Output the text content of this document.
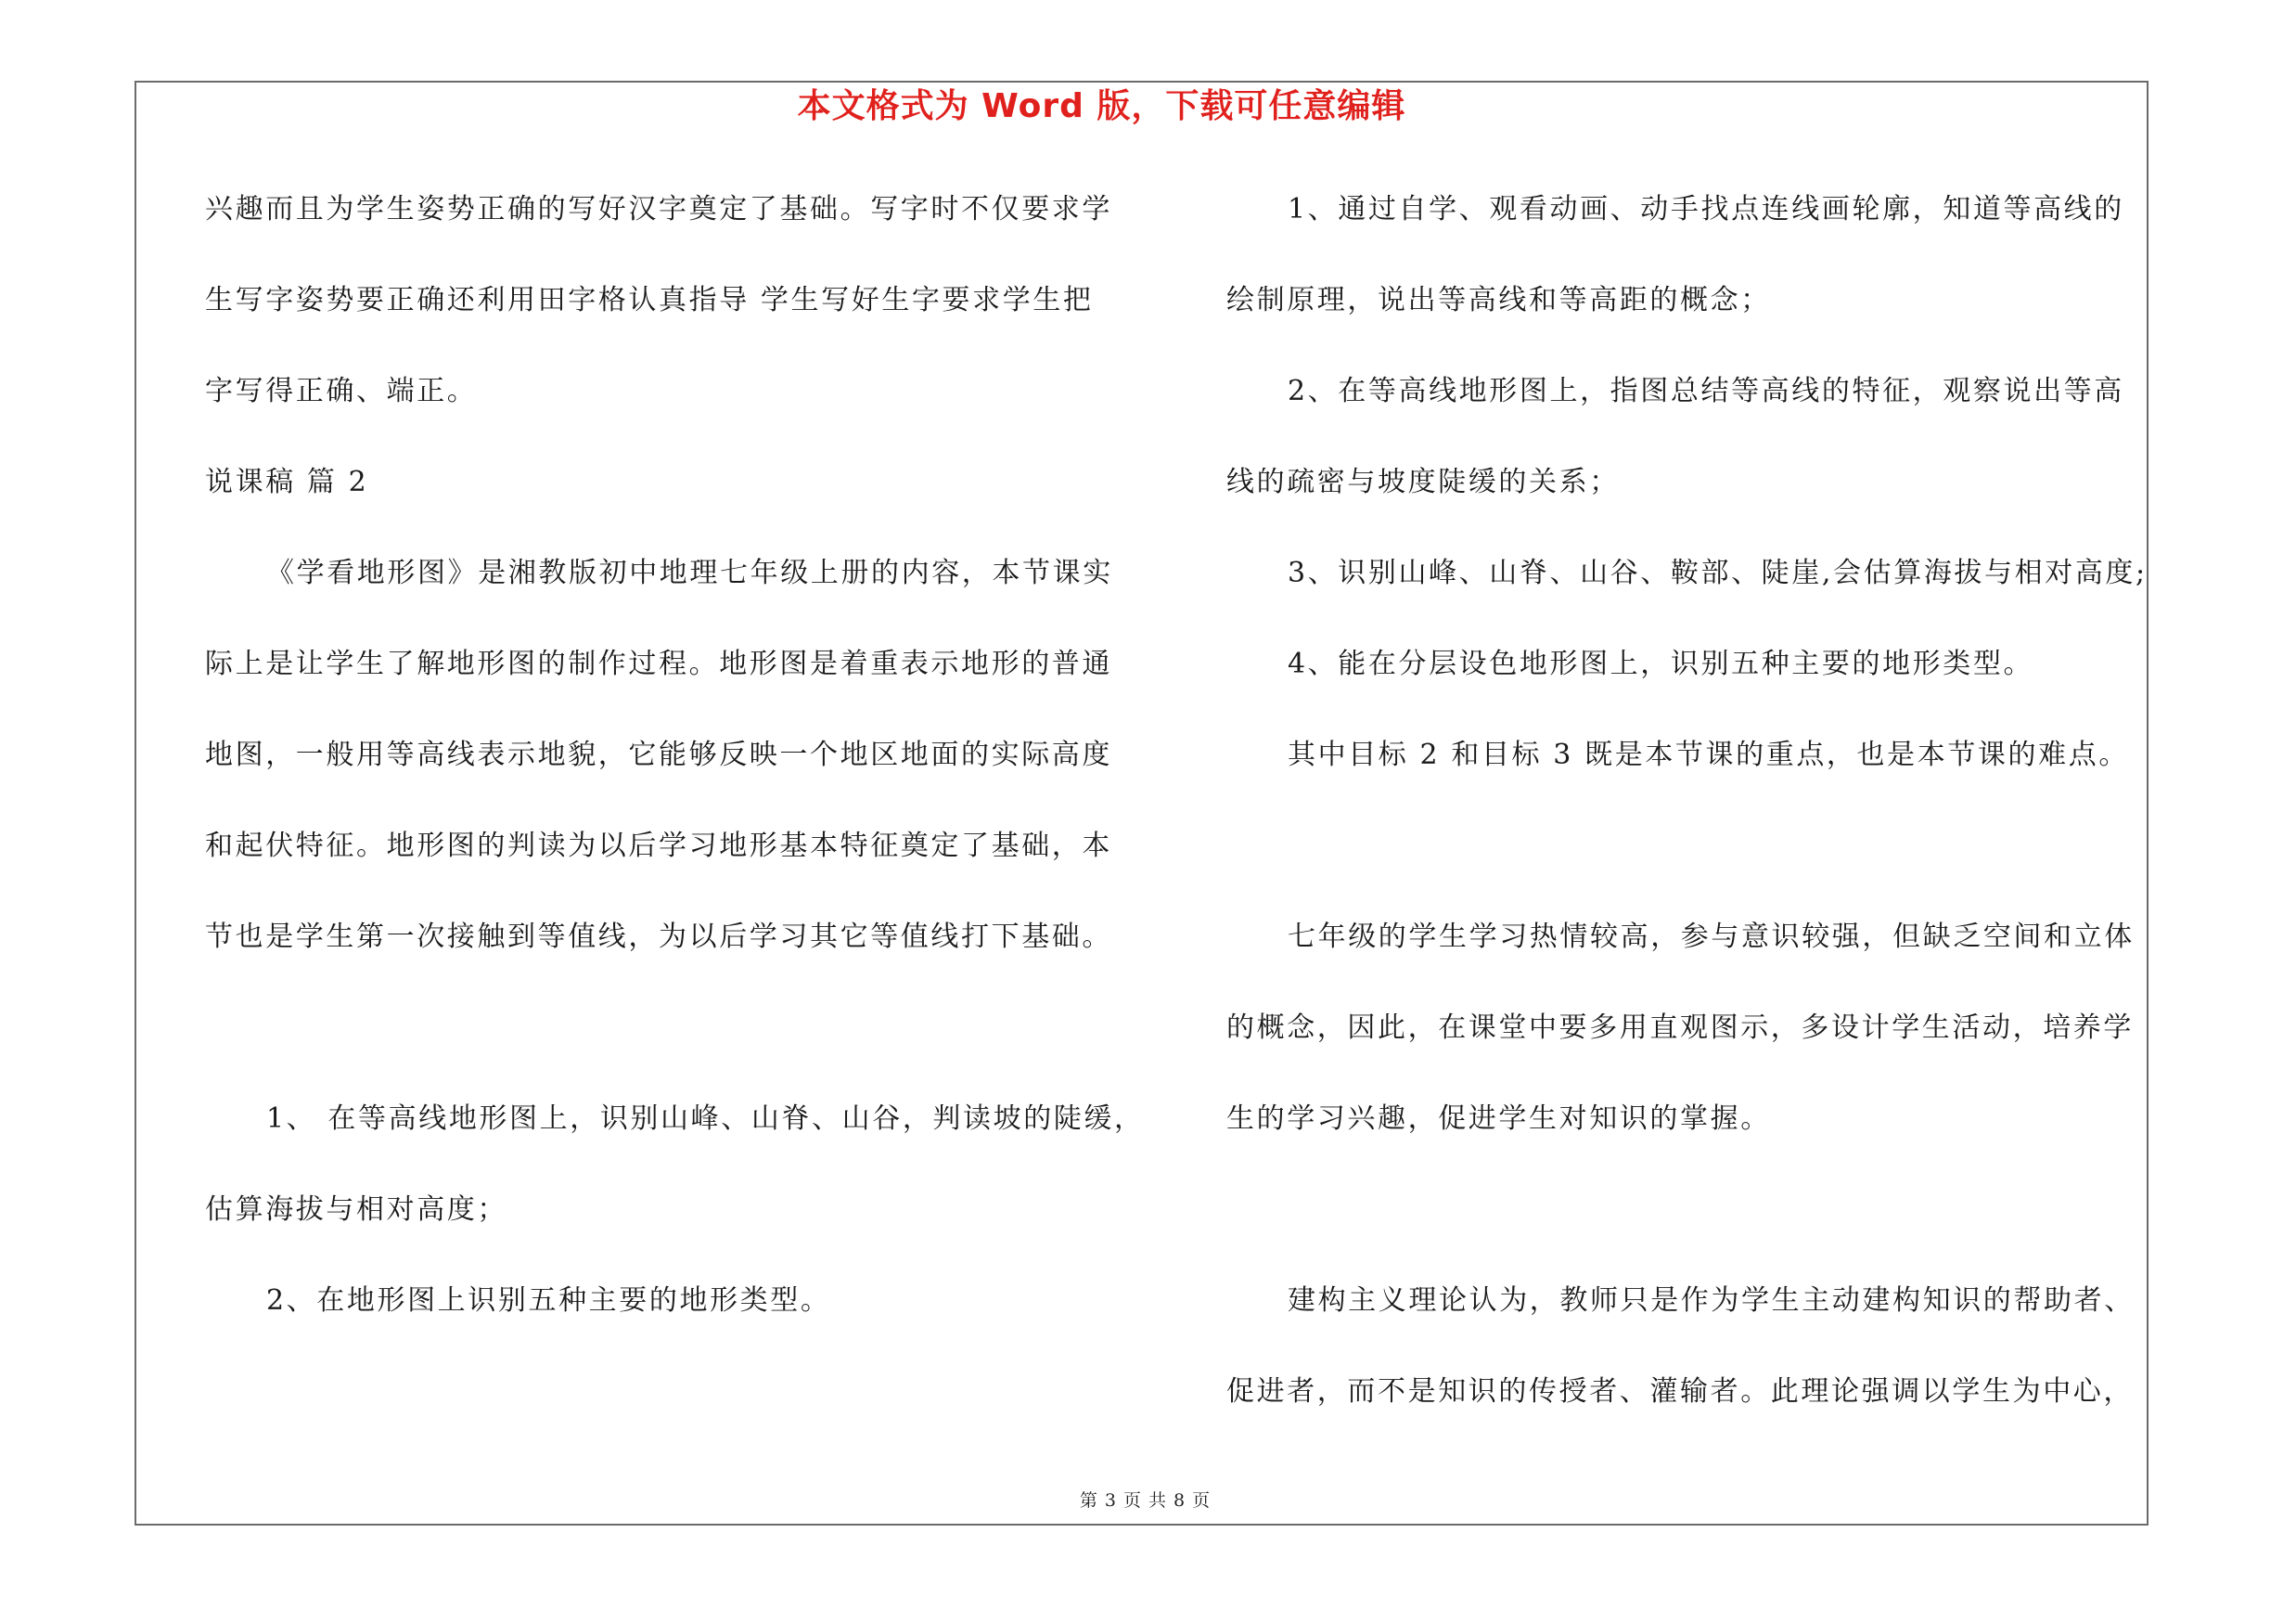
本文格式为 Word 版，下载可任意编辑
兴趣而且为学生姿势正确的写好汉字奠定了基础。写字时不仅要求学
生写字姿势要正确还利用田字格认真指导 学生写好生字要求学生把
字写得正确、端正。
说课稿 篇 2
《学看地形图》是湘教版初中地理七年级上册的内容，本节课实
际上是让学生了解地形图的制作过程。地形图是着重表示地形的普通
地图，一般用等高线表示地貌，它能够反映一个地区地面的实际高度
和起伏特征。地形图的判读为以后学习地形基本特征奠定了基础，本
节也是学生第一次接触到等值线，为以后学习其它等值线打下基础。
1、 在等高线地形图上，识别山峰、山脊、山谷，判读坡的陡缓，
估算海拔与相对高度；
2、在地形图上识别五种主要的地形类型。
1、通过自学、观看动画、动手找点连线画轮廓，知道等高线的
绘制原理，说出等高线和等高距的概念；
2、在等高线地形图上，指图总结等高线的特征，观察说出等高
线的疏密与坡度陡缓的关系；
3、识别山峰、山脊、山谷、鞍部、陡崖,会估算海拔与相对高度;
4、能在分层设色地形图上，识别五种主要的地形类型。
其中目标 2 和目标 3 既是本节课的重点，也是本节课的难点。
七年级的学生学习热情较高，参与意识较强，但缺乏空间和立体
的概念，因此，在课堂中要多用直观图示，多设计学生活动，培养学
生的学习兴趣，促进学生对知识的掌握。
建构主义理论认为，教师只是作为学生主动建构知识的帮助者、
促进者，而不是知识的传授者、灌输者。此理论强调以学生为中心，
第 3 页 共 8 页
